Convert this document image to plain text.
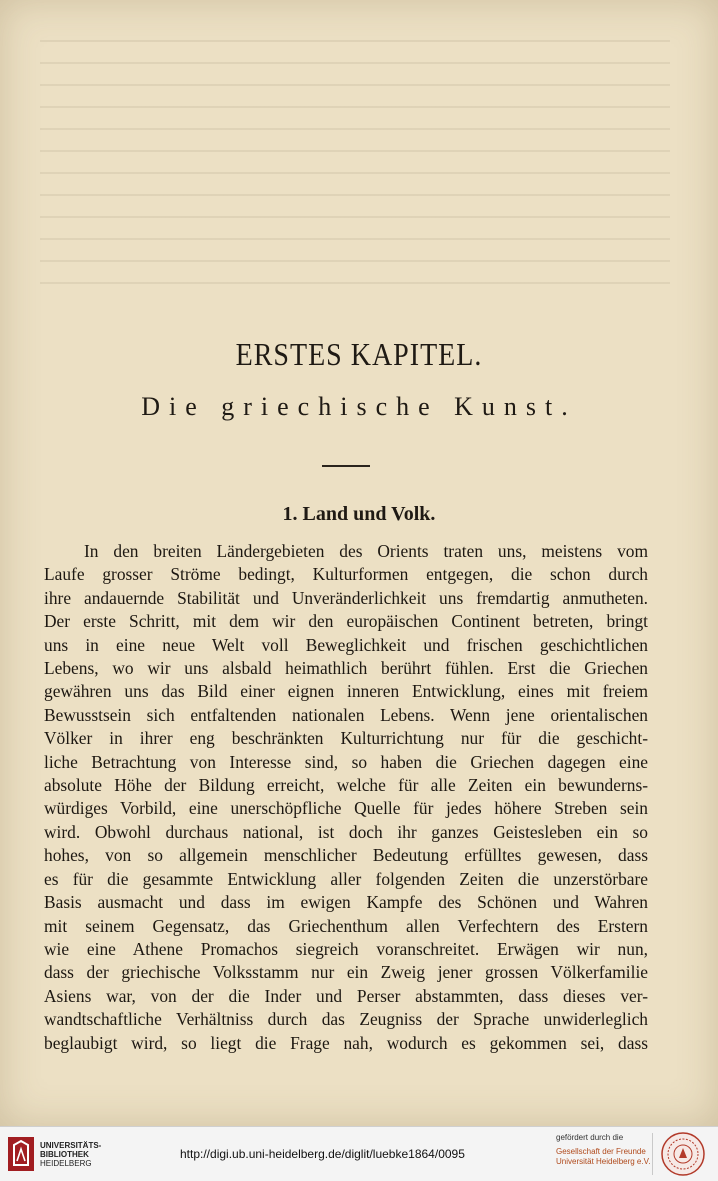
ERSTES KAPITEL.
Die griechische Kunst.
1. Land und Volk.
In den breiten Ländergebieten des Orients traten uns, meistens vom
Laufe grosser Ströme bedingt, Kulturformen entgegen, die schon durch
ihre andauernde Stabilität und Unveränderlichkeit uns fremdartig anmutheten.
Der erste Schritt, mit dem wir den europäischen Continent betreten, bringt
uns in eine neue Welt voll Beweglichkeit und frischen geschichtlichen
Lebens, wo wir uns alsbald heimathlich berührt fühlen. Erst die Griechen
gewähren uns das Bild einer eignen inneren Entwicklung, eines mit freiem
Bewusstsein sich entfaltenden nationalen Lebens. Wenn jene orientalischen
Völker in ihrer eng beschränkten Kulturrichtung nur für die geschicht-
liche Betrachtung von Interesse sind, so haben die Griechen dagegen eine
absolute Höhe der Bildung erreicht, welche für alle Zeiten ein bewunderns-
würdiges Vorbild, eine unerschöpfliche Quelle für jedes höhere Streben sein
wird. Obwohl durchaus national, ist doch ihr ganzes Geistesleben ein so
hohes, von so allgemein menschlicher Bedeutung erfülltes gewesen, dass
es für die gesammte Entwicklung aller folgenden Zeiten die unzerstörbare
Basis ausmacht und dass im ewigen Kampfe des Schönen und Wahren
mit seinem Gegensatz, das Griechenthum allen Verfechtern des Erstern
wie eine Athene Promachos siegreich voranschreitet. Erwägen wir nun,
dass der griechische Volksstamm nur ein Zweig jener grossen Völkerfamilie
Asiens war, von der die Inder und Perser abstammten, dass dieses ver-
wandtschaftliche Verhältniss durch das Zeugniss der Sprache unwiderleglich
beglaubigt wird, so liegt die Frage nah, wodurch es gekommen sei, dass
UNIVERSITÄTS-
BIBLIOTHEK
HEIDELBERG
http://digi.ub.uni-heidelberg.de/diglit/luebke1864/0095
gefördert durch die
Gesellschaft der Freunde
Universität Heidelberg e.V.
